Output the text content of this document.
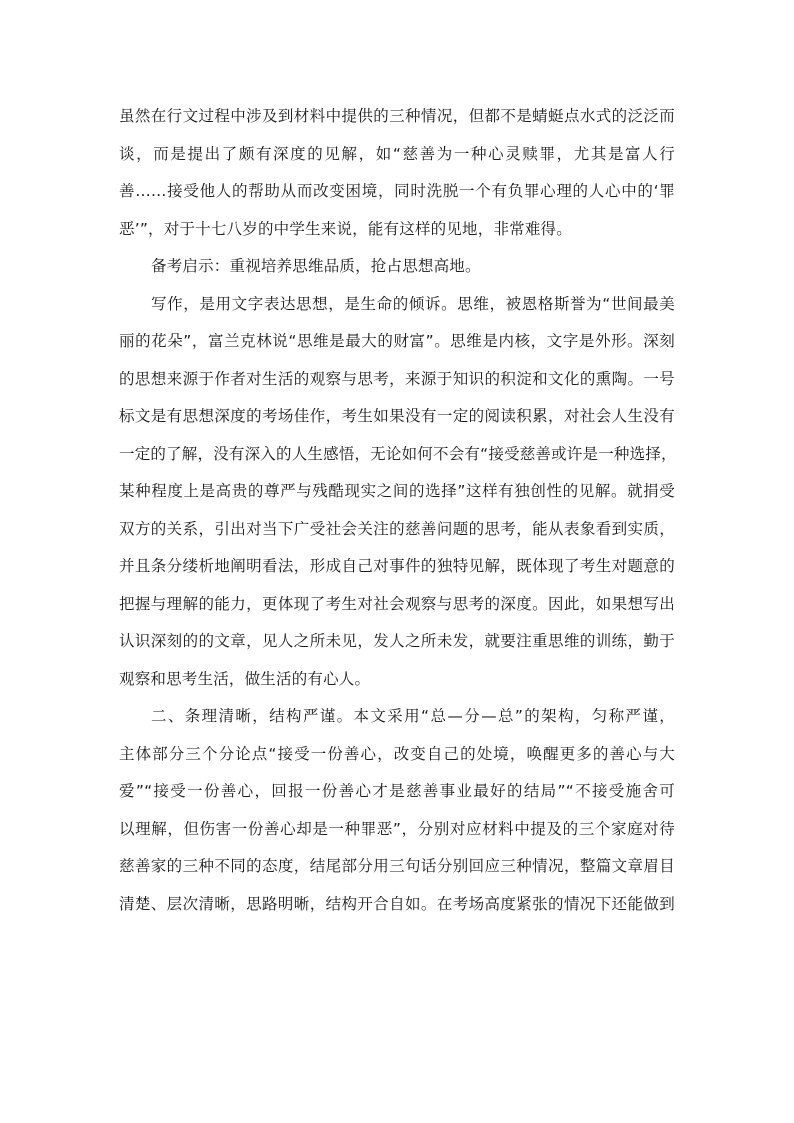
虽然在行文过程中涉及到材料中提供的三种情况，但都不是蜻蜓点水式的泛泛而
谈，而是提出了颇有深度的见解，如“慈善为一种心灵赎罪，尤其是富人行
善……接受他人的帮助从而改变困境，同时洗脱一个有负罪心理的人心中的‘罪
恶’”，对于十七八岁的中学生来说，能有这样的见地，非常难得。
备考启示：重视培养思维品质，抢占思想高地。
写作，是用文字表达思想，是生命的倾诉。思维，被恩格斯誉为“世间最美
丽的花朵”，富兰克林说“思维是最大的财富”。思维是内核，文字是外形。深刻
的思想来源于作者对生活的观察与思考，来源于知识的积淀和文化的熏陶。一号
标文是有思想深度的考场佳作，考生如果没有一定的阅读积累，对社会人生没有
一定的了解，没有深入的人生感悟，无论如何不会有“接受慈善或许是一种选择，
某种程度上是高贵的尊严与残酷现实之间的选择”这样有独创性的见解。就捐受
双方的关系，引出对当下广受社会关注的慈善问题的思考，能从表象看到实质，
并且条分缕析地阐明看法，形成自己对事件的独特见解，既体现了考生对题意的
把握与理解的能力，更体现了考生对社会观察与思考的深度。因此，如果想写出
认识深刻的的文章，见人之所未见，发人之所未发，就要注重思维的训练，勤于
观察和思考生活，做生活的有心人。
二、条理清晰，结构严谨。本文采用“总—分—总”的架构，匀称严谨，
主体部分三个分论点“接受一份善心，改变自己的处境，唤醒更多的善心与大
爱”“接受一份善心，回报一份善心才是慈善事业最好的结局”“不接受施舍可
以理解，但伤害一份善心却是一种罪恶”，分别对应材料中提及的三个家庭对待
慈善家的三种不同的态度，结尾部分用三句话分别回应三种情况，整篇文章眉目
清楚、层次清晰，思路明晰，结构开合自如。在考场高度紧张的情况下还能做到
